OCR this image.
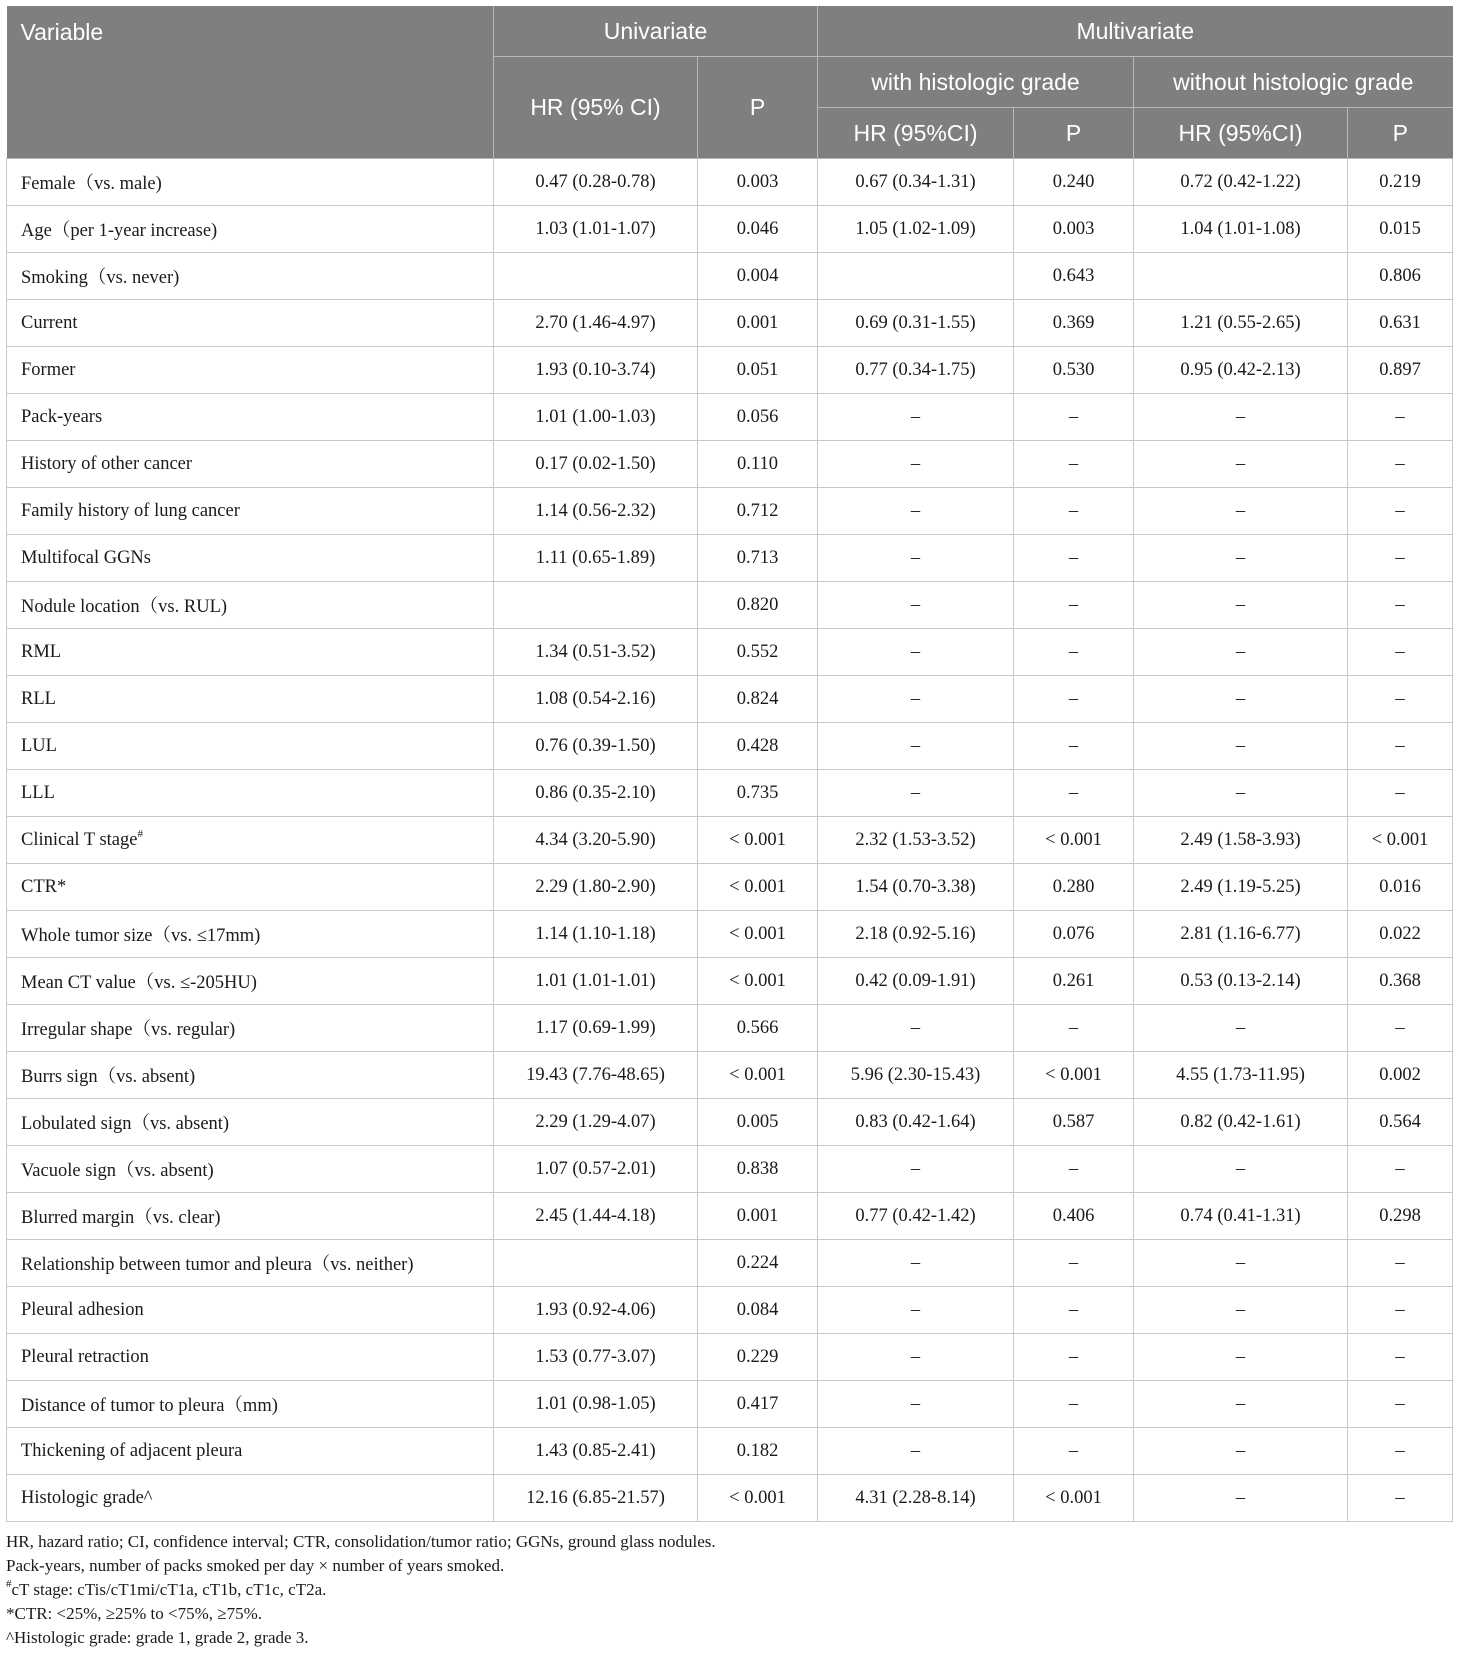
Variable	Univariate		Multivariate			
	HR (95% CI)	P	with histologic grade		without histologic grade	
			HR (95%CI)	P	HR (95%CI)	P
Female（vs. male)	0.47 (0.28-0.78)	0.003	0.67 (0.34-1.31)	0.240	0.72 (0.42-1.22)	0.219
Age（per 1-year increase)	1.03 (1.01-1.07)	0.046	1.05 (1.02-1.09)	0.003	1.04 (1.01-1.08)	0.015
Smoking（vs. never)		0.004		0.643		0.806
Current	2.70 (1.46-4.97)	0.001	0.69 (0.31-1.55)	0.369	1.21 (0.55-2.65)	0.631
Former	1.93 (0.10-3.74)	0.051	0.77 (0.34-1.75)	0.530	0.95 (0.42-2.13)	0.897
Pack-years	1.01 (1.00-1.03)	0.056	–	–	–	–
History of other cancer	0.17 (0.02-1.50)	0.110	–	–	–	–
Family history of lung cancer	1.14 (0.56-2.32)	0.712	–	–	–	–
Multifocal GGNs	1.11 (0.65-1.89)	0.713	–	–	–	–
Nodule location（vs. RUL)		0.820	–	–	–	–
RML	1.34 (0.51-3.52)	0.552	–	–	–	–
RLL	1.08 (0.54-2.16)	0.824	–	–	–	–
LUL	0.76 (0.39-1.50)	0.428	–	–	–	–
LLL	0.86 (0.35-2.10)	0.735	–	–	–	–
Clinical T stage#	4.34 (3.20-5.90)	< 0.001	2.32 (1.53-3.52)	< 0.001	2.49 (1.58-3.93)	< 0.001
CTR*	2.29 (1.80-2.90)	< 0.001	1.54 (0.70-3.38)	0.280	2.49 (1.19-5.25)	0.016
Whole tumor size（vs. ≤17mm)	1.14 (1.10-1.18)	< 0.001	2.18 (0.92-5.16)	0.076	2.81 (1.16-6.77)	0.022
Mean CT value（vs. ≤-205HU)	1.01 (1.01-1.01)	< 0.001	0.42 (0.09-1.91)	0.261	0.53 (0.13-2.14)	0.368
Irregular shape（vs. regular)	1.17 (0.69-1.99)	0.566	–	–	–	–
Burrs sign（vs. absent)	19.43 (7.76-48.65)	< 0.001	5.96 (2.30-15.43)	< 0.001	4.55 (1.73-11.95)	0.002
Lobulated sign（vs. absent)	2.29 (1.29-4.07)	0.005	0.83 (0.42-1.64)	0.587	0.82 (0.42-1.61)	0.564
Vacuole sign（vs. absent)	1.07 (0.57-2.01)	0.838	–	–	–	–
Blurred margin（vs. clear)	2.45 (1.44-4.18)	0.001	0.77 (0.42-1.42)	0.406	0.74 (0.41-1.31)	0.298
Relationship between tumor and pleura（vs. neither)		0.224	–	–	–	–
Pleural adhesion	1.93 (0.92-4.06)	0.084	–	–	–	–
Pleural retraction	1.53 (0.77-3.07)	0.229	–	–	–	–
Distance of tumor to pleura（mm)	1.01 (0.98-1.05)	0.417	–	–	–	–
Thickening of adjacent pleura	1.43 (0.85-2.41)	0.182	–	–	–	–
Histologic grade^	12.16 (6.85-21.57)	< 0.001	4.31 (2.28-8.14)	< 0.001	–	–
HR, hazard ratio; CI, confidence interval; CTR, consolidation/tumor ratio; GGNs, ground glass nodules.
Pack-years, number of packs smoked per day × number of years smoked.
#cT stage: cTis/cT1mi/cT1a, cT1b, cT1c, cT2a.
*CTR: <25%, ≥25% to <75%, ≥75%.
^Histologic grade: grade 1, grade 2, grade 3.
